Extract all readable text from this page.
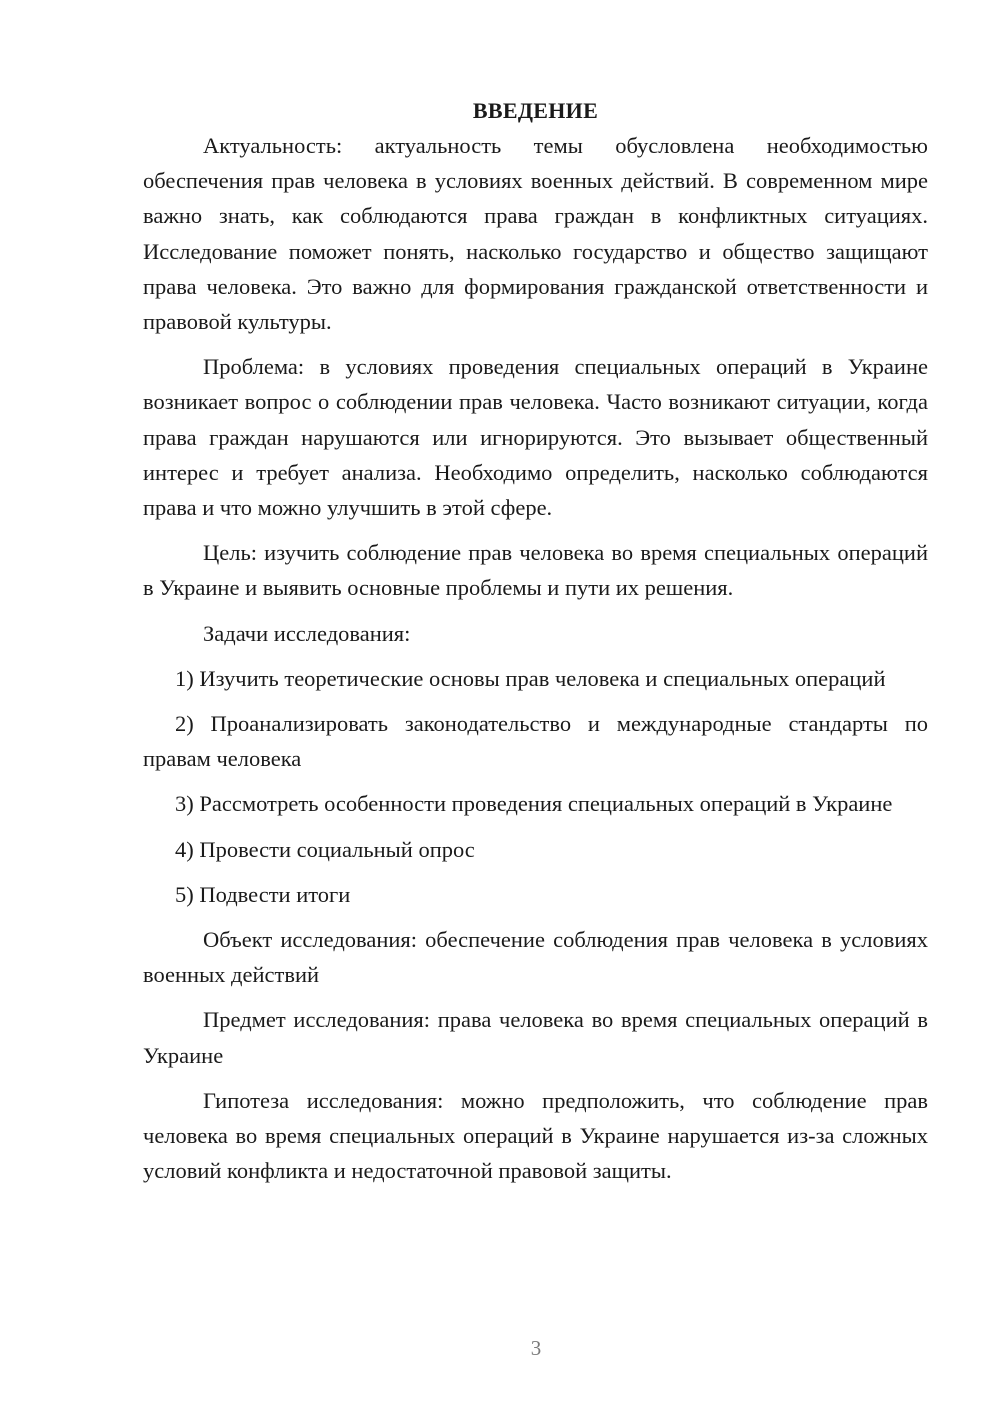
ВВЕДЕНИЕ

Актуальность: актуальность темы обусловлена необходимостью обеспечения прав человека в условиях военных действий. В современном мире важно знать, как соблюдаются права граждан в конфликтных ситуациях. Исследование поможет понять, насколько государство и общество защищают права человека. Это важно для формирования гражданской ответственности и правовой культуры.

Проблема: в условиях проведения специальных операций в Украине возникает вопрос о соблюдении прав человека. Часто возникают ситуации, когда права граждан нарушаются или игнорируются. Это вызывает общественный интерес и требует анализа. Необходимо определить, насколько соблюдаются права и что можно улучшить в этой сфере.

Цель: изучить соблюдение прав человека во время специальных операций в Украине и выявить основные проблемы и пути их решения.

Задачи исследования:

1) Изучить теоретические основы прав человека и специальных операций

2) Проанализировать законодательство и международные стандарты по правам человека

3) Рассмотреть особенности проведения специальных операций в Украине

4) Провести социальный опрос

5) Подвести итоги

Объект исследования: обеспечение соблюдения прав человека в условиях военных действий

Предмет исследования: права человека во время специальных операций в Украине

Гипотеза исследования: можно предположить, что соблюдение прав человека во время специальных операций в Украине нарушается из-за сложных условий конфликта и недостаточной правовой защиты.

3
